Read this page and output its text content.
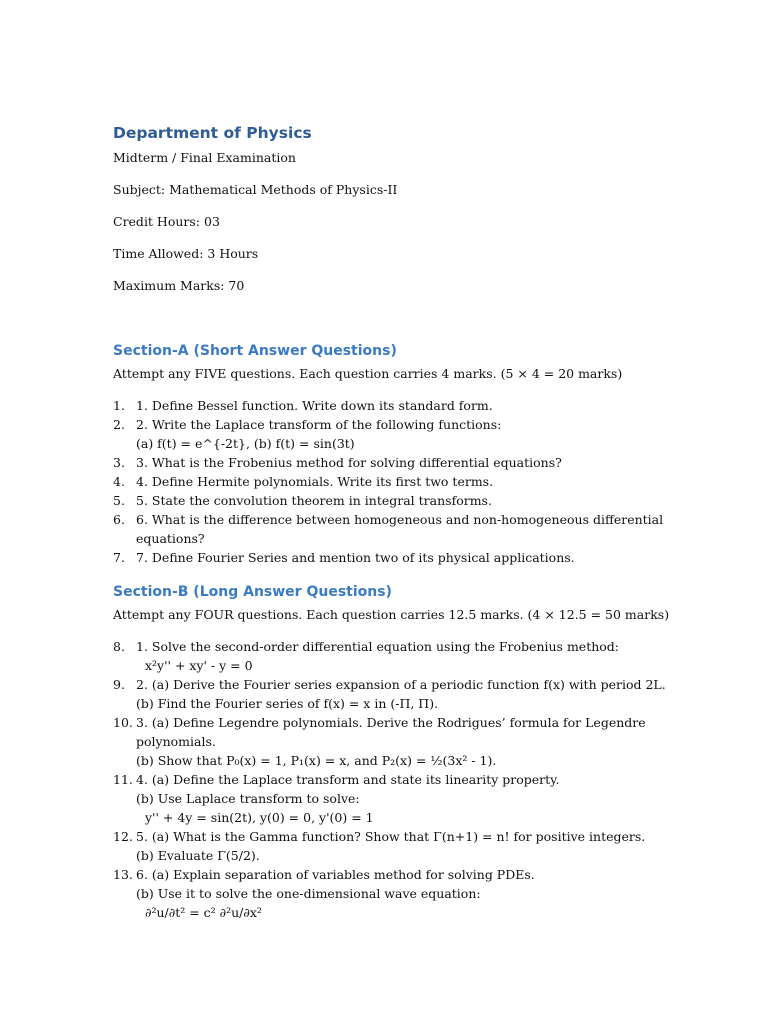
Department of Physics

Midterm / Final Examination

Subject: Mathematical Methods of Physics-II

Credit Hours: 03

Time Allowed: 3 Hours

Maximum Marks: 70

Section-A (Short Answer Questions)

Attempt any FIVE questions. Each question carries 4 marks. (5 × 4 = 20 marks)

1. 1. Define Bessel function. Write down its standard form.
2. 2. Write the Laplace transform of the following functions:
(a) f(t) = e^{-2t}, (b) f(t) = sin(3t)
3. 3. What is the Frobenius method for solving differential equations?
4. 4. Define Hermite polynomials. Write its first two terms.
5. 5. State the convolution theorem in integral transforms.
6. 6. What is the difference between homogeneous and non-homogeneous differential
equations?
7. 7. Define Fourier Series and mention two of its physical applications.
Section-B (Long Answer Questions)

Attempt any FOUR questions. Each question carries 12.5 marks. (4 × 12.5 = 50 marks)

8. 1. Solve the second-order differential equation using the Frobenius method:
x²y'' + xy' - y = 0
9. 2. (a) Derive the Fourier series expansion of a periodic function f(x) with period 2L.
(b) Find the Fourier series of f(x) = x in (-Π, Π).
10. 3. (a) Define Legendre polynomials. Derive the Rodrigues’ formula for Legendre
polynomials.
(b) Show that P₀(x) = 1, P₁(x) = x, and P₂(x) = ½(3x² - 1).
11. 4. (a) Define the Laplace transform and state its linearity property.
(b) Use Laplace transform to solve:
y'' + 4y = sin(2t), y(0) = 0, y'(0) = 1
12. 5. (a) What is the Gamma function? Show that Γ(n+1) = n! for positive integers.
(b) Evaluate Γ(5/2).
13. 6. (a) Explain separation of variables method for solving PDEs.
(b) Use it to solve the one-dimensional wave equation:
∂²u/∂t² = c² ∂²u/∂x²
